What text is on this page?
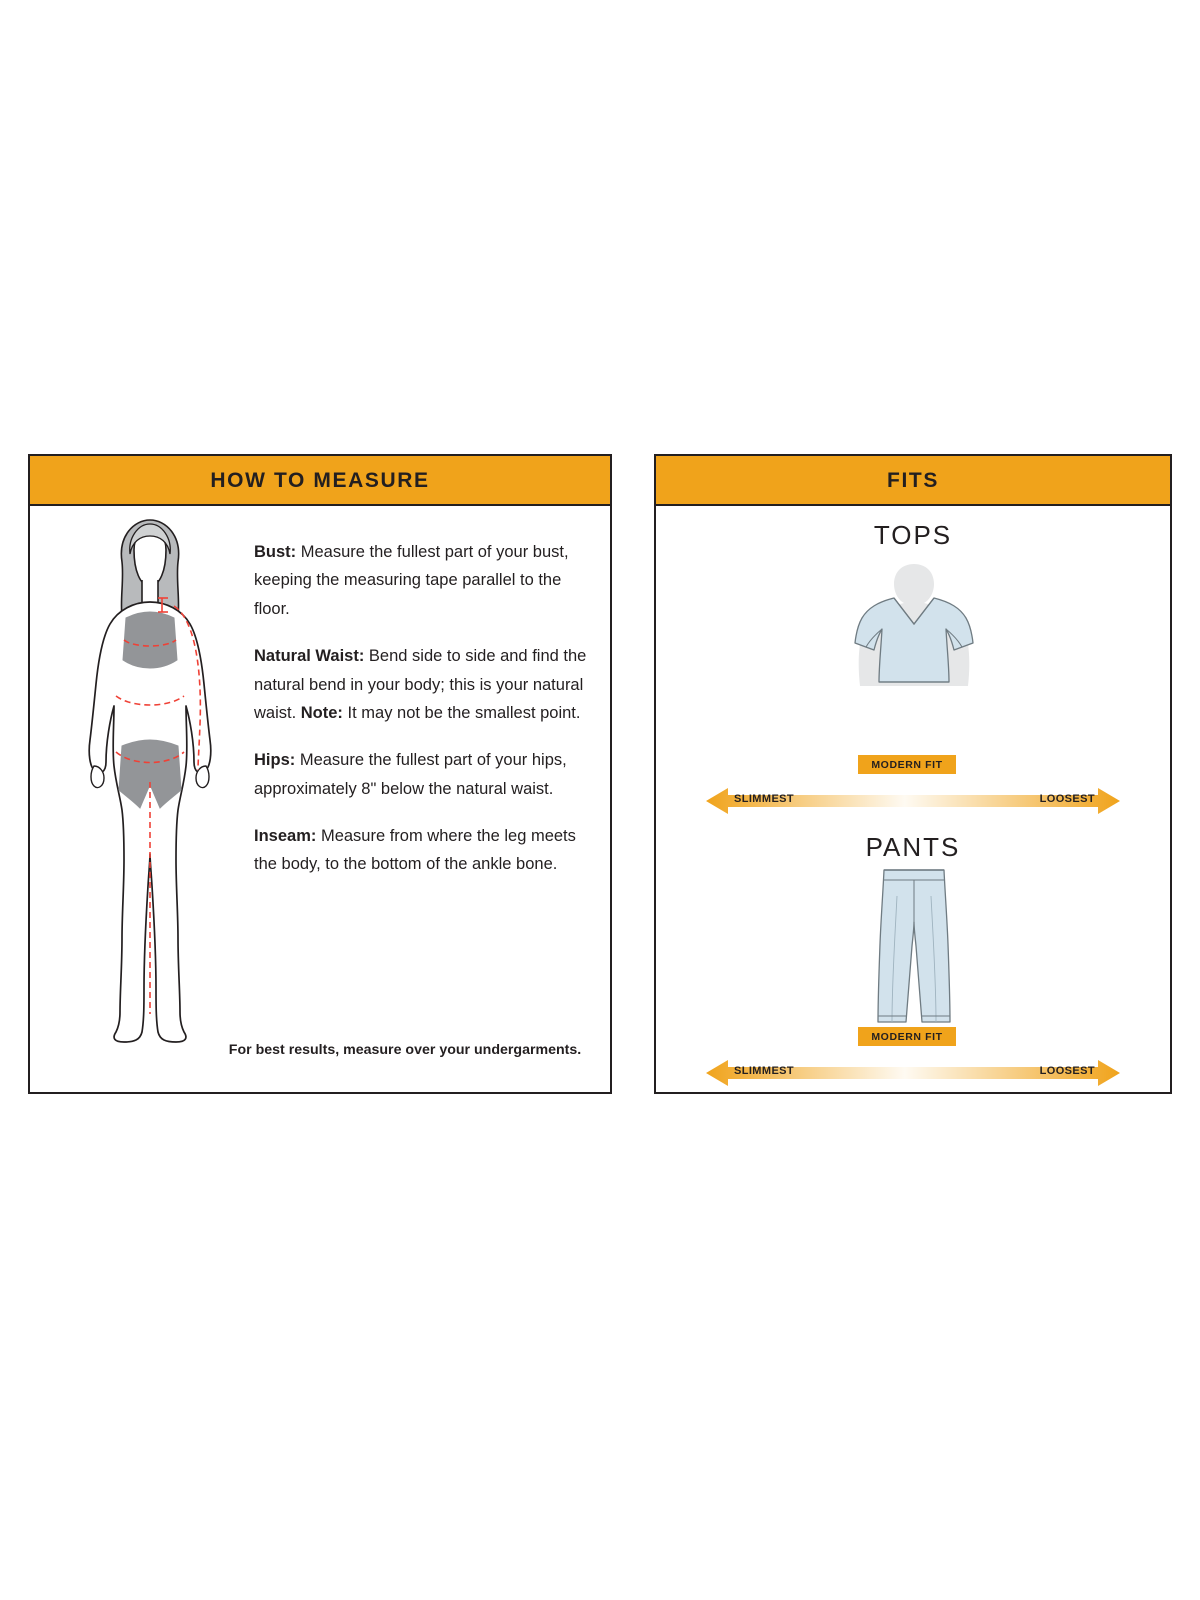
HOW TO MEASURE

Bust: Measure the fullest part of your bust, keeping the measuring tape parallel to the floor.

Natural Waist: Bend side to side and find the natural bend in your body; this is your natural waist. Note: It may not be the smallest point.

Hips: Measure the fullest part of your hips, approximately 8" below the natural waist.

Inseam: Measure from where the leg meets the body, to the bottom of the ankle bone.

For best results, measure over your undergarments.
FITS
TOPS
MODERN FIT
SLIMMEST	LOOSEST
PANTS
MODERN FIT
SLIMMEST	LOOSEST
